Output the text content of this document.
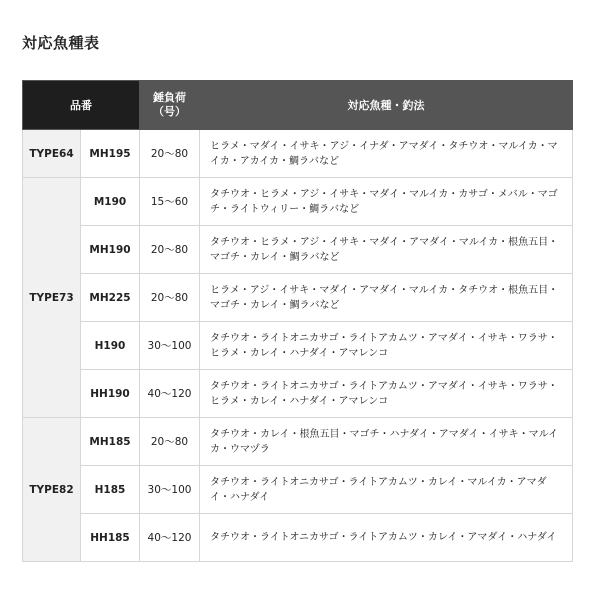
対応魚種表
品番		錘負荷
（号）	対応魚種・釣法
TYPE64	MH195	20～80	ヒラメ・マダイ・イサキ・アジ・イナダ・アマダイ・タチウオ・マルイカ・マイカ・アカイカ・鯛ラバなど
TYPE73	M190	15～60	タチウオ・ヒラメ・アジ・イサキ・マダイ・マルイカ・カサゴ・メバル・マゴチ・ライトウィリー・鯛ラバなど
	MH190	20～80	タチウオ・ヒラメ・アジ・イサキ・マダイ・アマダイ・マルイカ・根魚五目・マゴチ・カレイ・鯛ラバなど
	MH225	20～80	ヒラメ・アジ・イサキ・マダイ・アマダイ・マルイカ・タチウオ・根魚五目・マゴチ・カレイ・鯛ラバなど
	H190	30～100	タチウオ・ライトオニカサゴ・ライトアカムツ・アマダイ・イサキ・ワラサ・ヒラメ・カレイ・ハナダイ・アマレンコ
	HH190	40～120	タチウオ・ライトオニカサゴ・ライトアカムツ・アマダイ・イサキ・ワラサ・ヒラメ・カレイ・ハナダイ・アマレンコ
TYPE82	MH185	20～80	タチウオ・カレイ・根魚五目・マゴチ・ハナダイ・アマダイ・イサキ・マルイカ・ウマヅラ
	H185	30～100	タチウオ・ライトオニカサゴ・ライトアカムツ・カレイ・マルイカ・アマダイ・ハナダイ
	HH185	40～120	タチウオ・ライトオニカサゴ・ライトアカムツ・カレイ・アマダイ・ハナダイ
